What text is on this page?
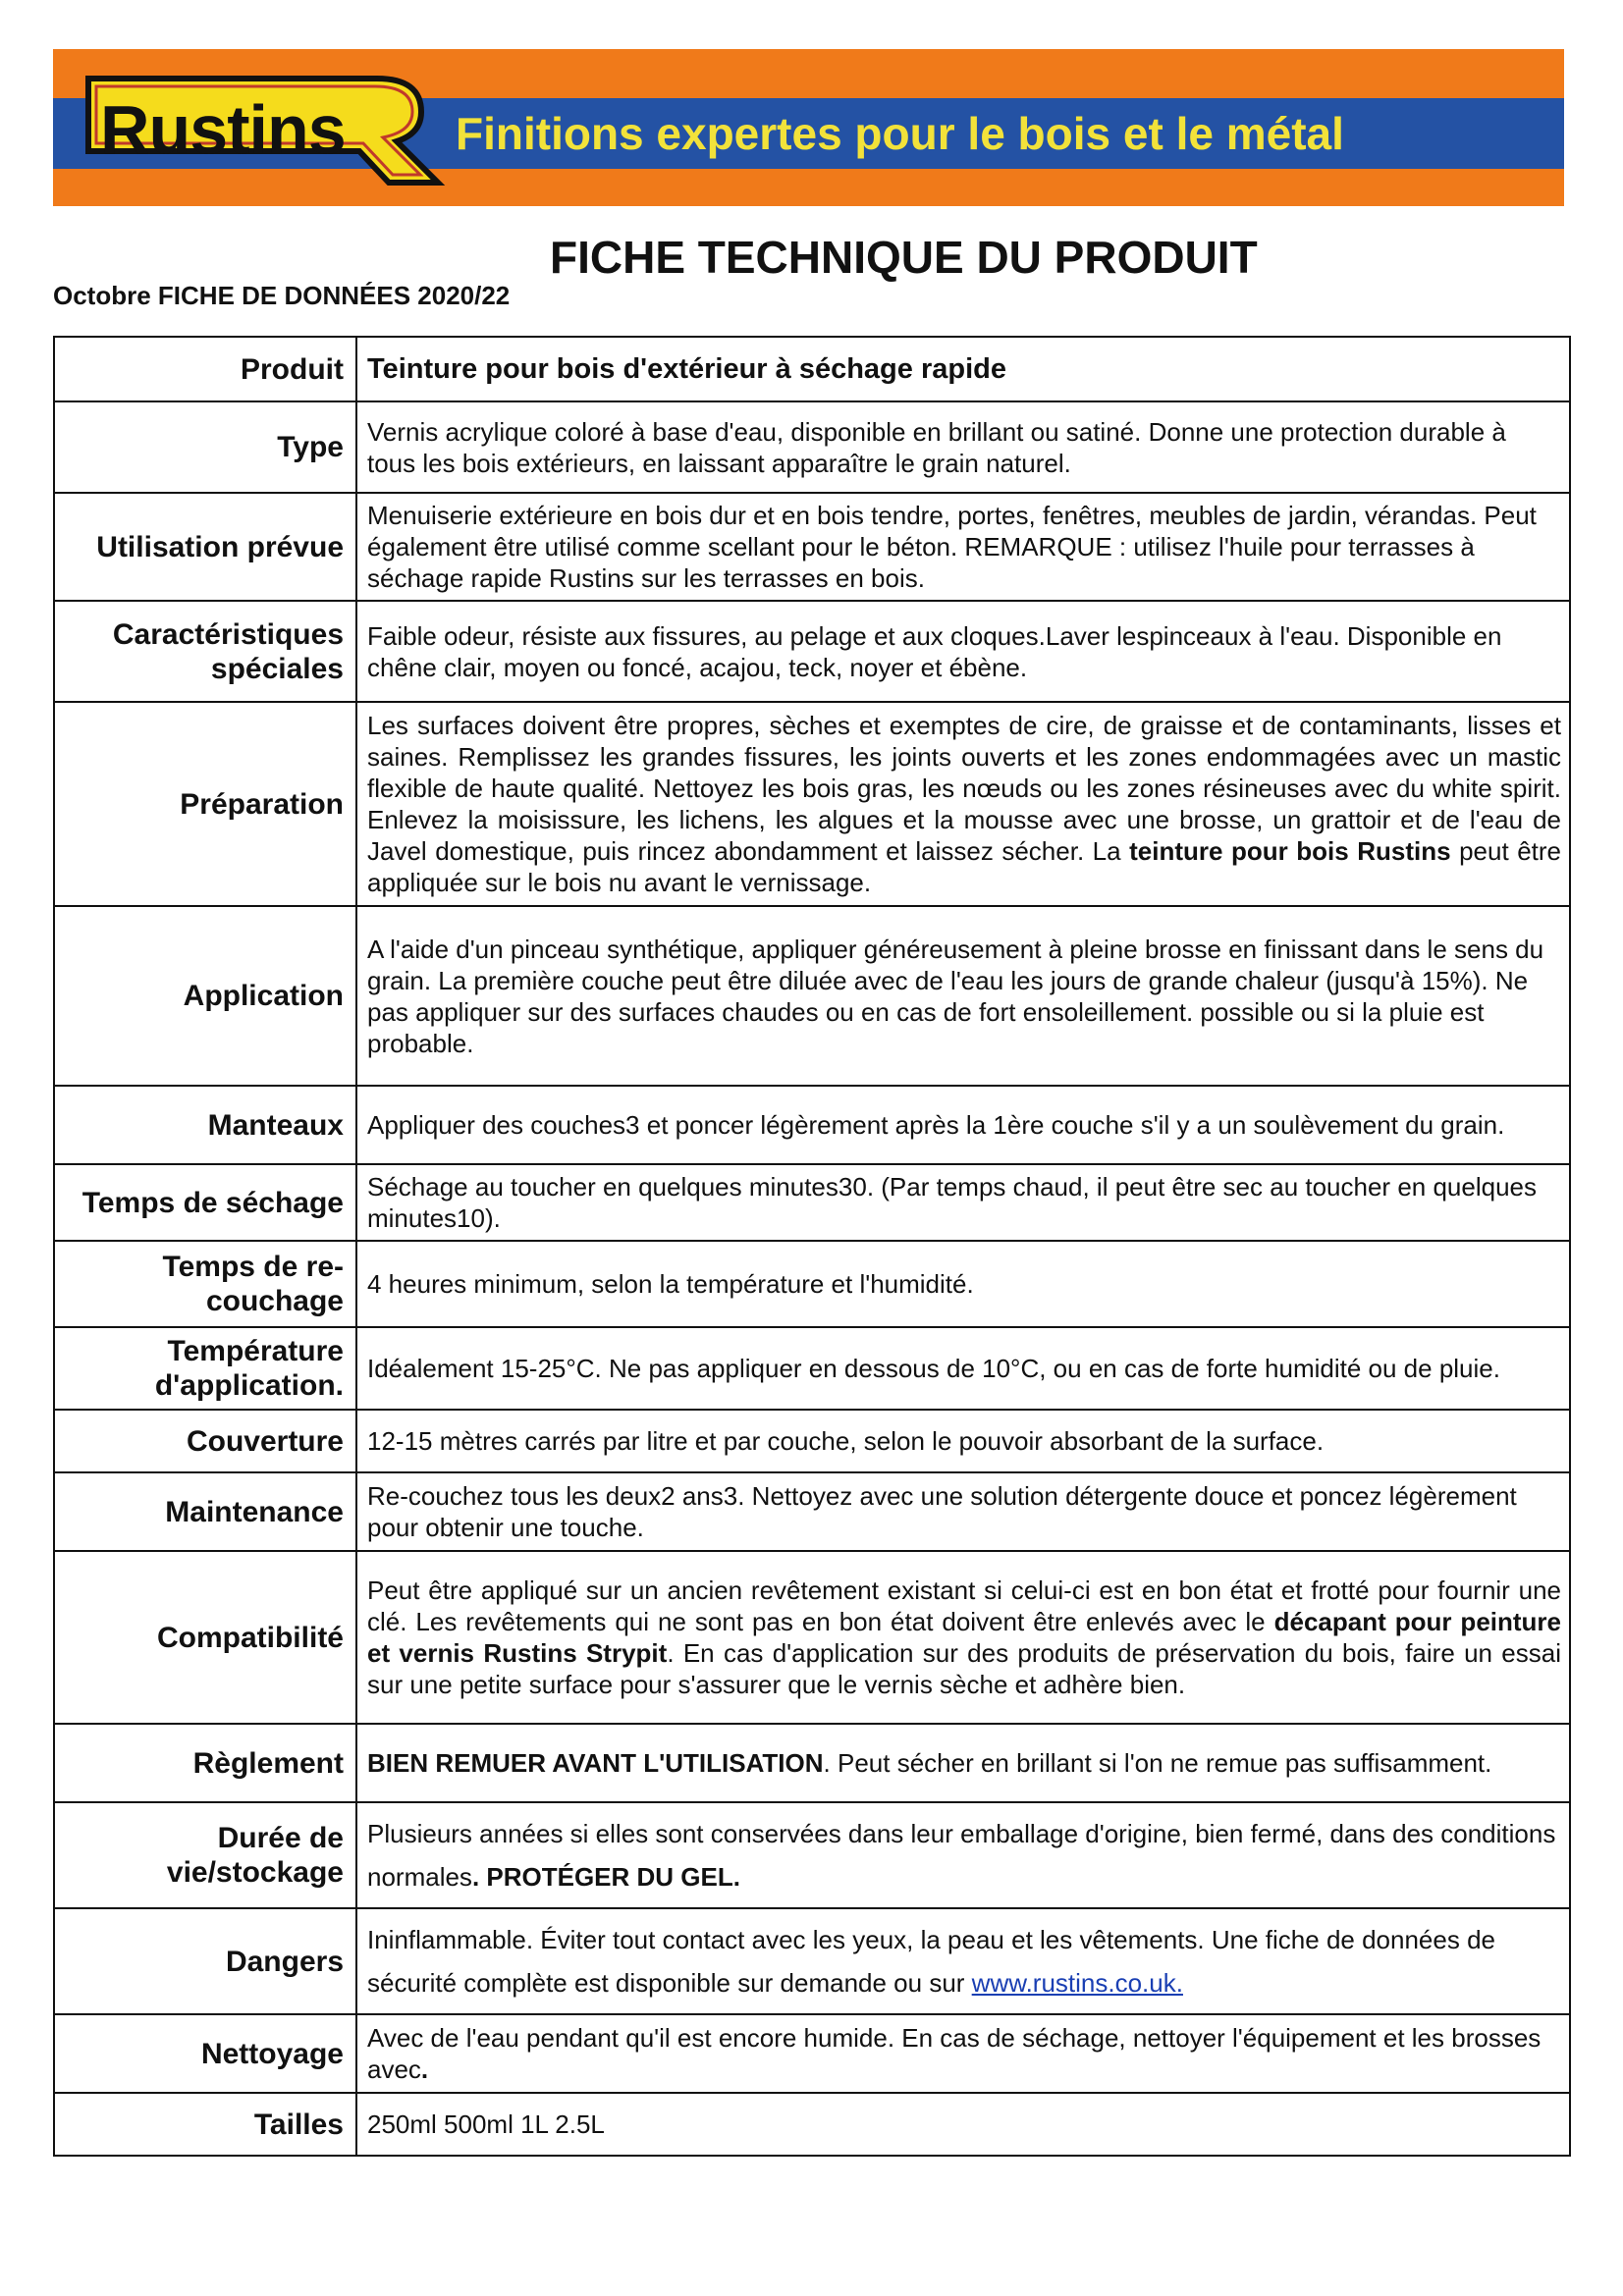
Rustins	Finitions expertes pour le bois et le métal
FICHE TECHNIQUE DU PRODUIT
Octobre FICHE DE DONNÉES 2020/22
Produit	Teinture pour bois d'extérieur à séchage rapide
Type	Vernis acrylique coloré à base d'eau, disponible en brillant ou satiné. Donne une protection durable à tous les bois extérieurs, en laissant apparaître le grain naturel.
Utilisation prévue	Menuiserie extérieure en bois dur et en bois tendre, portes, fenêtres, meubles de jardin, vérandas. Peut également être utilisé comme scellant pour le béton. REMARQUE : utilisez l'huile pour terrasses à séchage rapide Rustins sur les terrasses en bois.
Caractéristiques spéciales	Faible odeur, résiste aux fissures, au pelage et aux cloques.Laver lespinceaux à l'eau. Disponible en chêne clair, moyen ou foncé, acajou, teck, noyer et ébène.
Préparation	Les surfaces doivent être propres, sèches et exemptes de cire, de graisse et de contaminants, lisses et saines. Remplissez les grandes fissures, les joints ouverts et les zones endommagées avec un mastic flexible de haute qualité. Nettoyez les bois gras, les nœuds ou les zones résineuses avec du white spirit. Enlevez la moisissure, les lichens, les algues et la mousse avec une brosse, un grattoir et de l'eau de Javel domestique, puis rincez abondamment et laissez sécher. La teinture pour bois Rustins peut être appliquée sur le bois nu avant le vernissage.
Application	A l'aide d'un pinceau synthétique, appliquer généreusement à pleine brosse en finissant dans le sens du grain. La première couche peut être diluée avec de l'eau les jours de grande chaleur (jusqu'à 15%). Ne pas appliquer sur des surfaces chaudes ou en cas de fort ensoleillement. possible ou si la pluie est probable.
Manteaux	Appliquer des couches3 et poncer légèrement après la 1ère couche s'il y a un soulèvement du grain.
Temps de séchage	Séchage au toucher en quelques minutes30. (Par temps chaud, il peut être sec au toucher en quelques minutes10).
Temps de re-couchage	4 heures minimum, selon la température et l'humidité.
Température d'application.	Idéalement 15-25°C. Ne pas appliquer en dessous de 10°C, ou en cas de forte humidité ou de pluie.
Couverture	12-15 mètres carrés par litre et par couche, selon le pouvoir absorbant de la surface.
Maintenance	Re-couchez tous les deux2 ans3. Nettoyez avec une solution détergente douce et poncez légèrement pour obtenir une touche.
Compatibilité	Peut être appliqué sur un ancien revêtement existant si celui-ci est en bon état et frotté pour fournir une clé. Les revêtements qui ne sont pas en bon état doivent être enlevés avec le décapant pour peinture et vernis Rustins Strypit. En cas d'application sur des produits de préservation du bois, faire un essai sur une petite surface pour s'assurer que le vernis sèche et adhère bien.
Règlement	BIEN REMUER AVANT L'UTILISATION. Peut sécher en brillant si l'on ne remue pas suffisamment.
Durée de vie/stockage	Plusieurs années si elles sont conservées dans leur emballage d'origine, bien fermé, dans des conditions normales. PROTÉGER DU GEL.
Dangers	Ininflammable. Éviter tout contact avec les yeux, la peau et les vêtements. Une fiche de données de sécurité complète est disponible sur demande ou sur www.rustins.co.uk.
Nettoyage	Avec de l'eau pendant qu'il est encore humide. En cas de séchage, nettoyer l'équipement et les brosses avec.
Tailles	250ml 500ml 1L 2.5L
